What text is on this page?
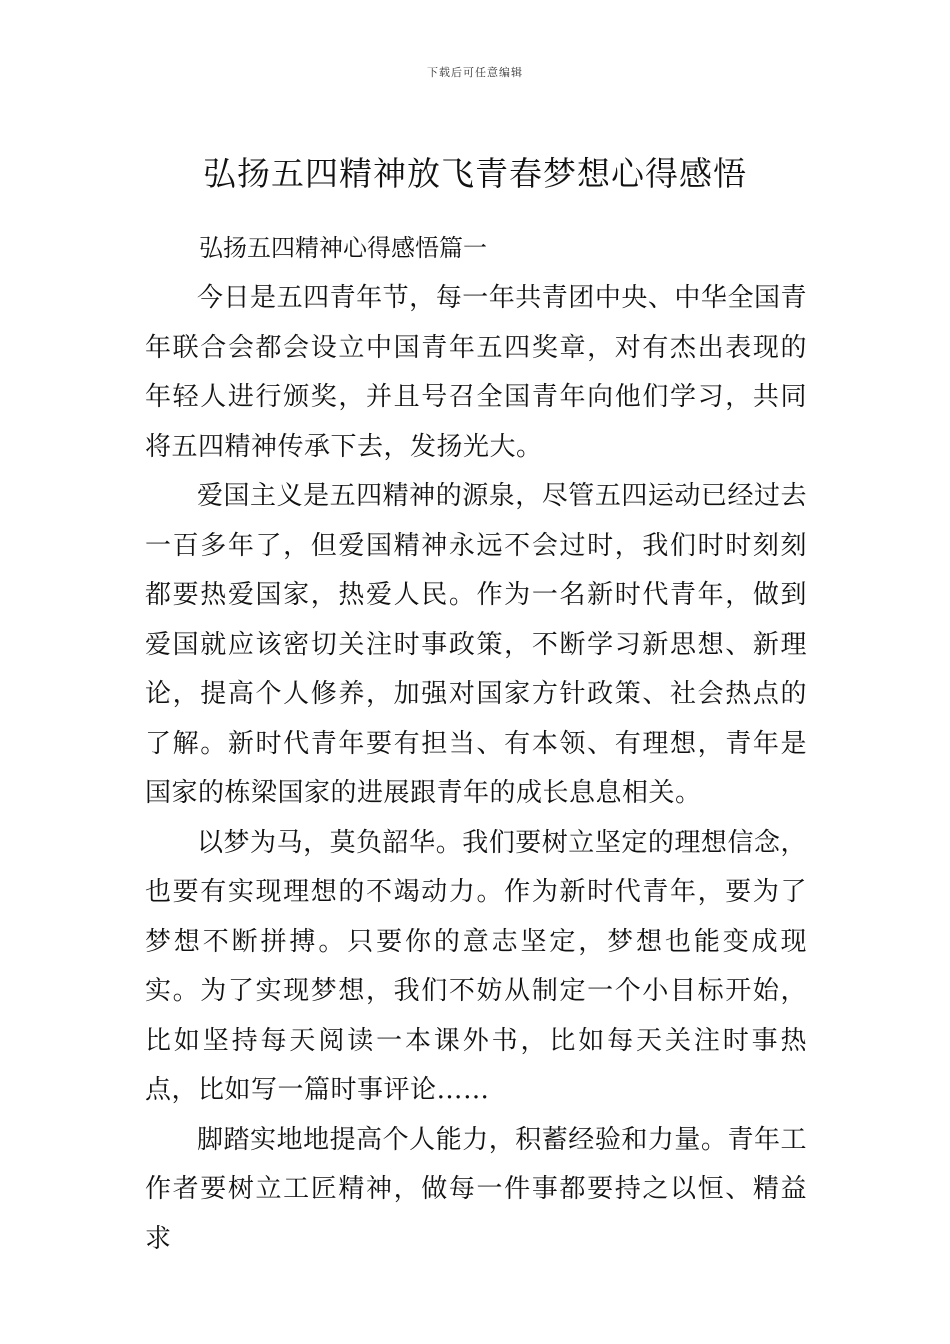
下载后可任意编辑
弘扬五四精神放飞青春梦想心得感悟

弘扬五四精神心得感悟篇一

今日是五四青年节，每一年共青团中央、中华全国青年联合会都会设立中国青年五四奖章，对有杰出表现的年轻人进行颁奖，并且号召全国青年向他们学习，共同将五四精神传承下去，发扬光大。

爱国主义是五四精神的源泉，尽管五四运动已经过去一百多年了，但爱国精神永远不会过时，我们时时刻刻都要热爱国家，热爱人民。作为一名新时代青年，做到爱国就应该密切关注时事政策，不断学习新思想、新理论，提高个人修养，加强对国家方针政策、社会热点的了解。新时代青年要有担当、有本领、有理想，青年是国家的栋梁国家的进展跟青年的成长息息相关。

以梦为马，莫负韶华。我们要树立坚定的理想信念，也要有实现理想的不竭动力。作为新时代青年，要为了梦想不断拼搏。只要你的意志坚定，梦想也能变成现实。为了实现梦想，我们不妨从制定一个小目标开始，比如坚持每天阅读一本课外书，比如每天关注时事热点，比如写一篇时事评论……

脚踏实地地提高个人能力，积蓄经验和力量。青年工作者要树立工匠精神，做每一件事都要持之以恒、精益求
